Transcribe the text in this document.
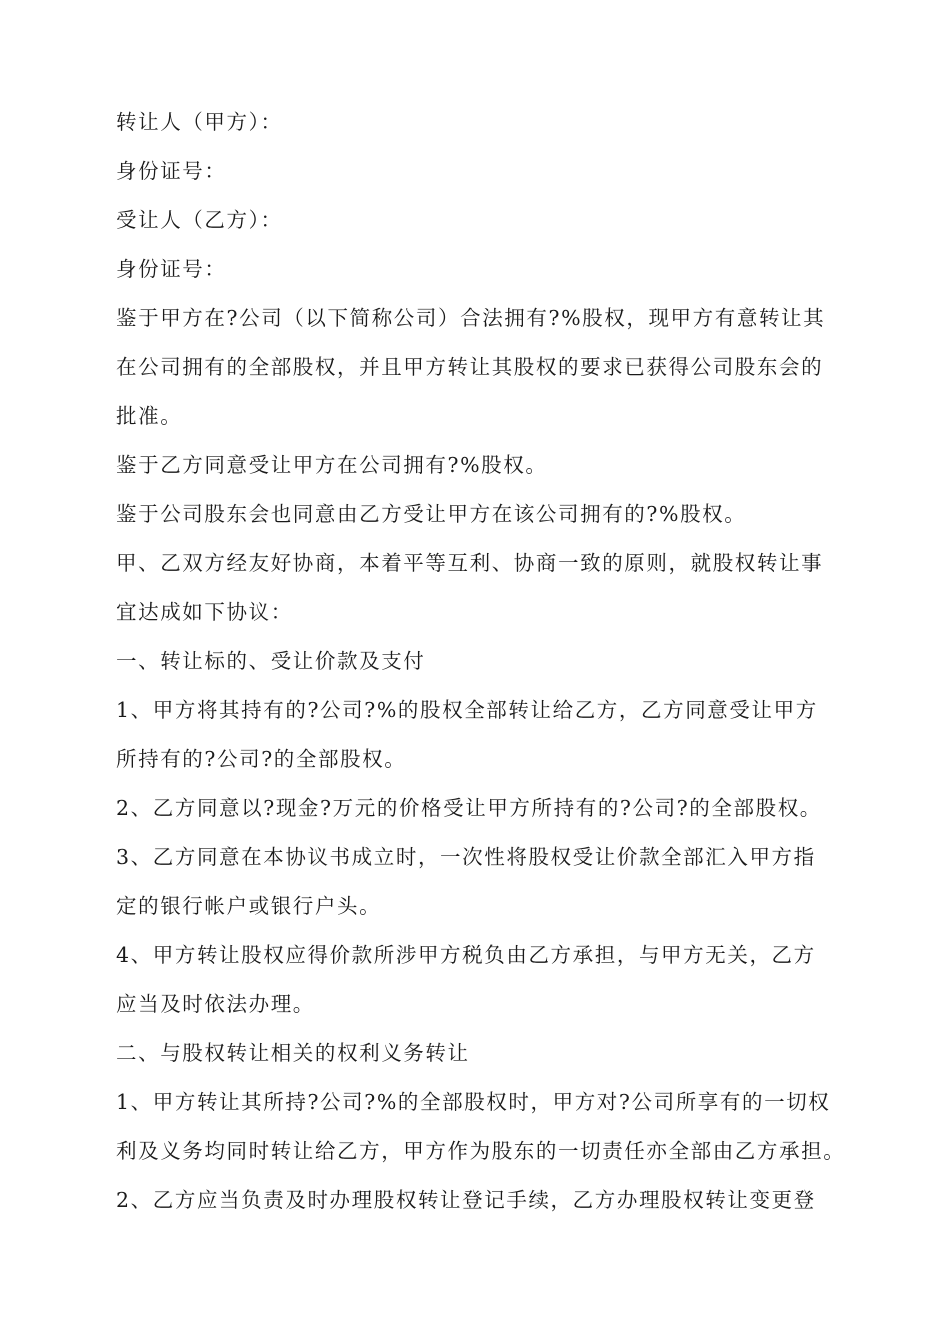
转让人（甲方）：
身份证号：
受让人（乙方）：
身份证号：
鉴于甲方在?公司（以下简称公司）合法拥有?%股权，现甲方有意转让其
在公司拥有的全部股权，并且甲方转让其股权的要求已获得公司股东会的
批准。
鉴于乙方同意受让甲方在公司拥有?%股权。
鉴于公司股东会也同意由乙方受让甲方在该公司拥有的?%股权。
甲、乙双方经友好协商，本着平等互利、协商一致的原则，就股权转让事
宜达成如下协议：
一、转让标的、受让价款及支付
1、甲方将其持有的?公司?%的股权全部转让给乙方，乙方同意受让甲方
所持有的?公司?的全部股权。
2、乙方同意以?现金?万元的价格受让甲方所持有的?公司?的全部股权。
3、乙方同意在本协议书成立时，一次性将股权受让价款全部汇入甲方指
定的银行帐户或银行户头。
4、甲方转让股权应得价款所涉甲方税负由乙方承担，与甲方无关，乙方
应当及时依法办理。
二、与股权转让相关的权利义务转让
1、甲方转让其所持?公司?%的全部股权时，甲方对?公司所享有的一切权
利及义务均同时转让给乙方，甲方作为股东的一切责任亦全部由乙方承担。
2、乙方应当负责及时办理股权转让登记手续，乙方办理股权转让变更登
